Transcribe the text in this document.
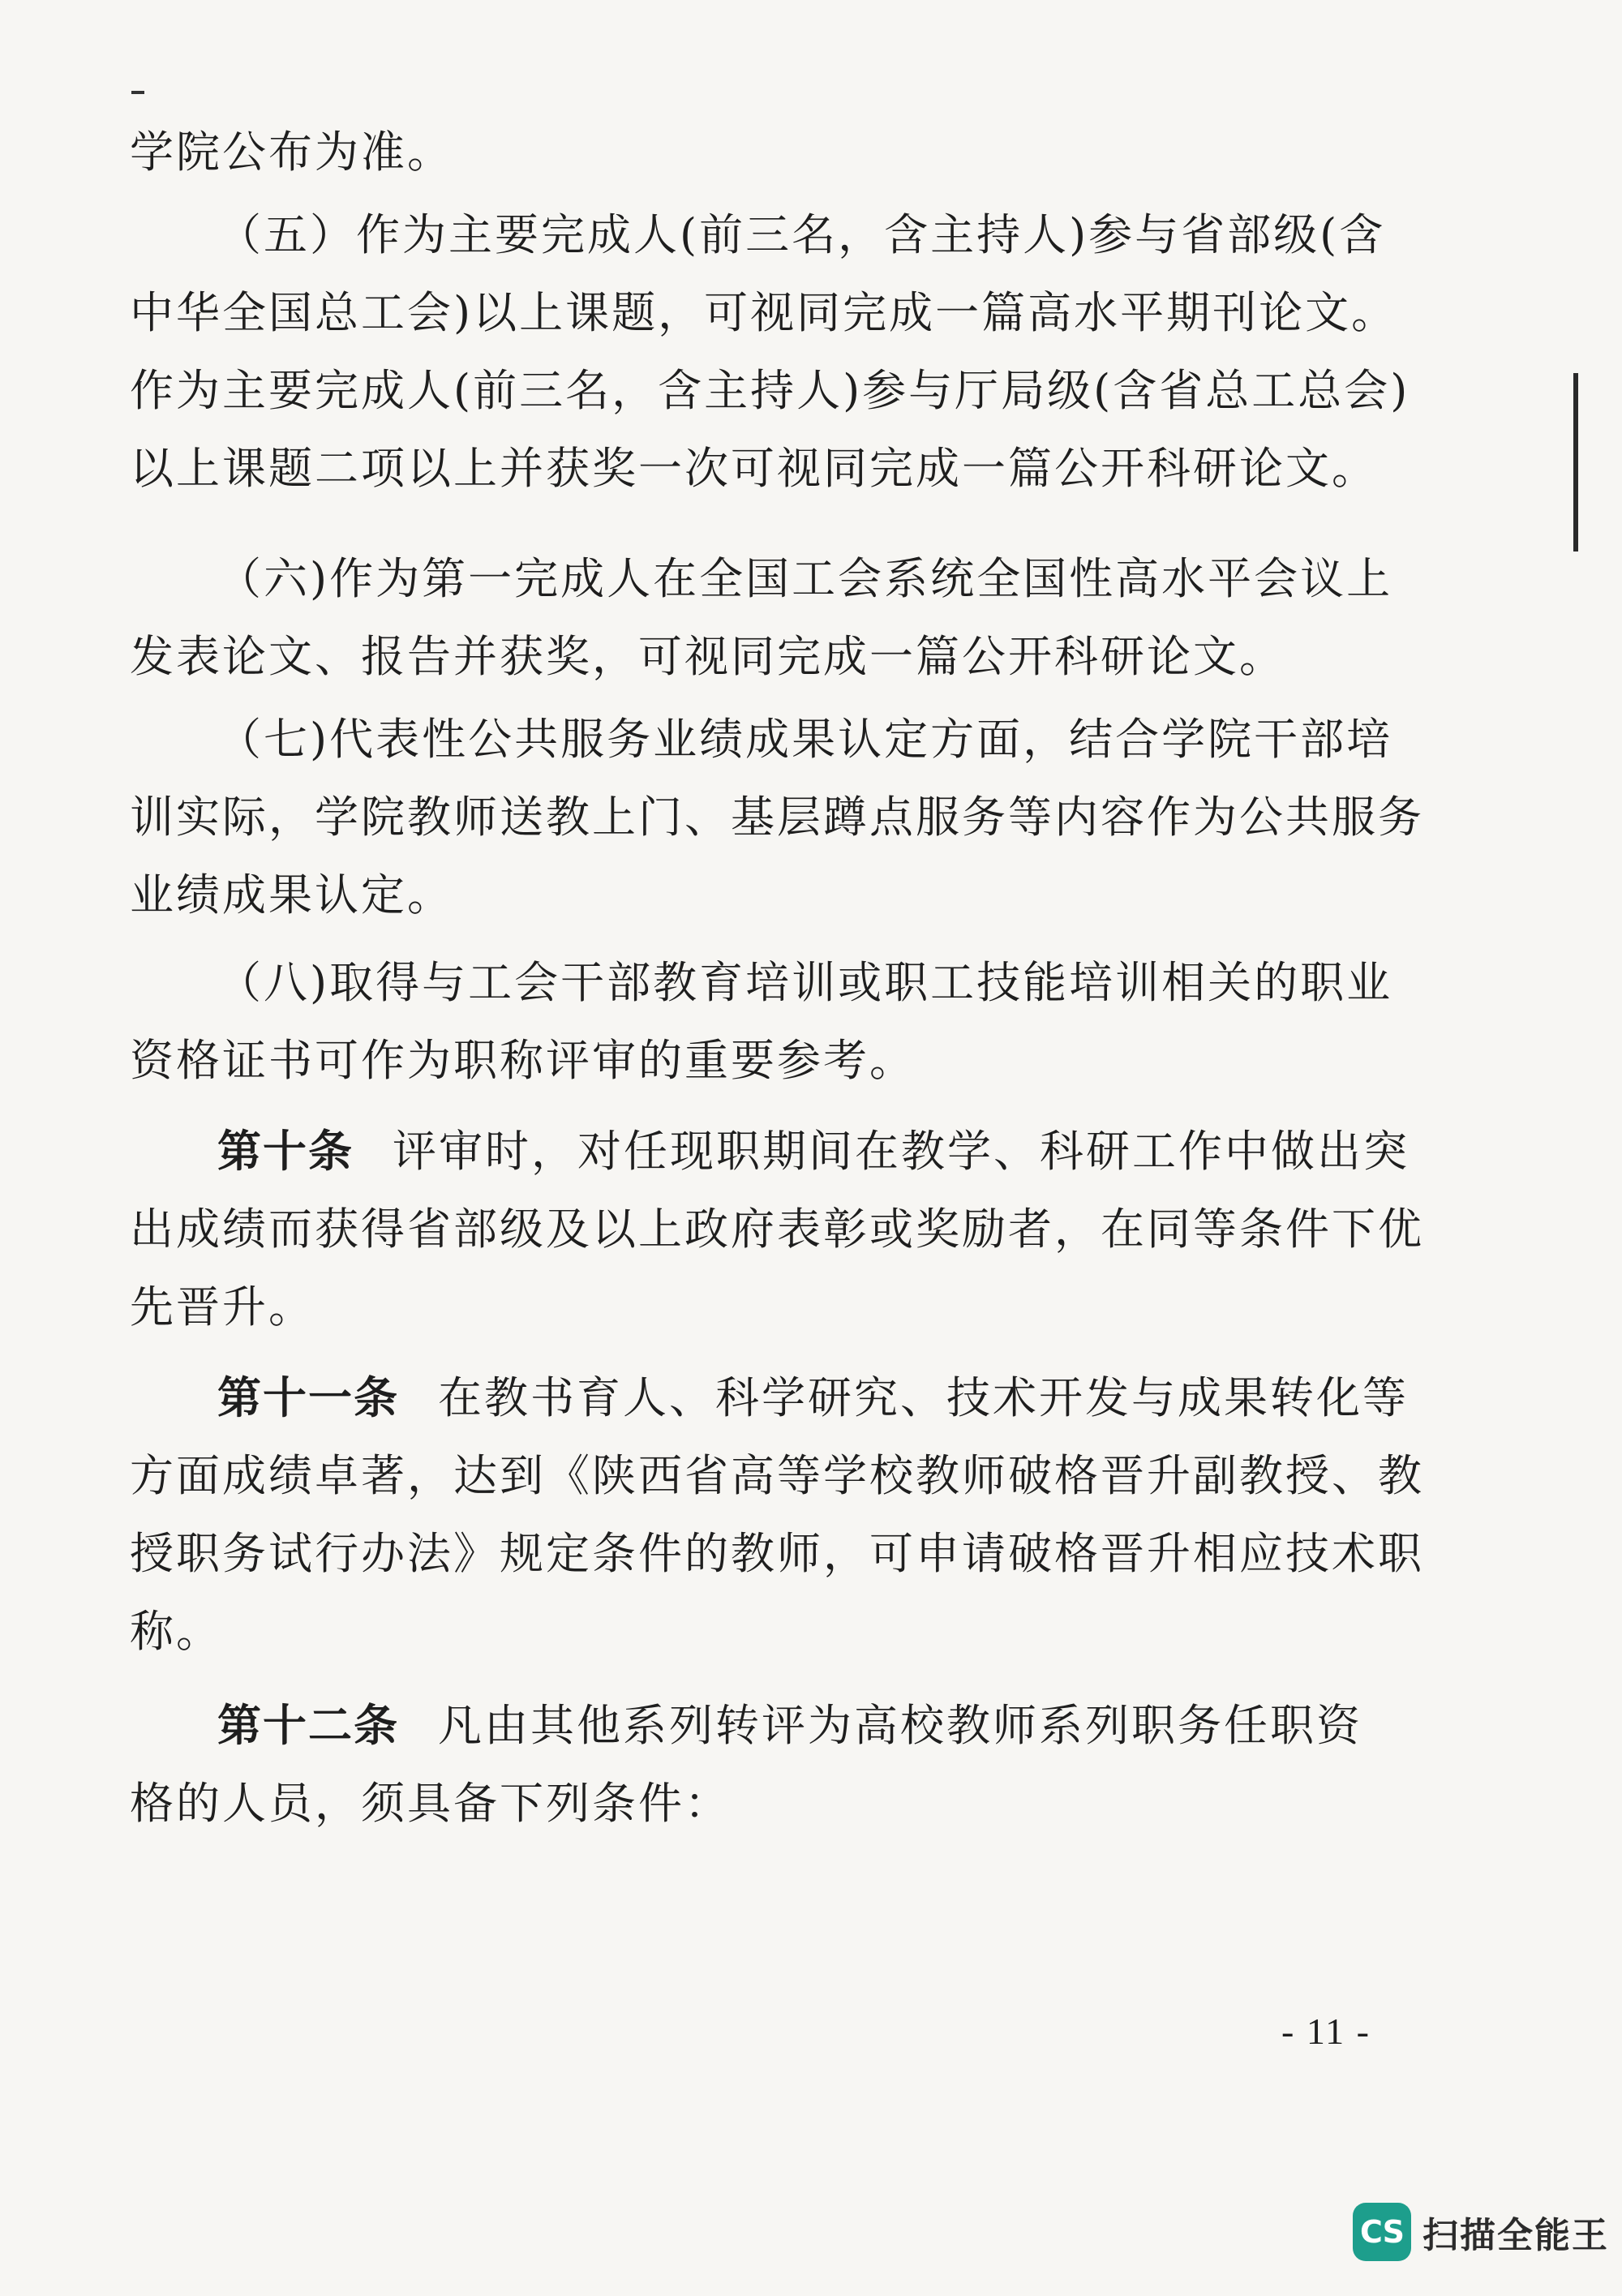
学院公布为准。

（五）作为主要完成人(前三名，含主持人)参与省部级(含
中华全国总工会)以上课题，可视同完成一篇高水平期刊论文。
作为主要完成人(前三名，含主持人)参与厅局级(含省总工总会)
以上课题二项以上并获奖一次可视同完成一篇公开科研论文。

（六)作为第一完成人在全国工会系统全国性高水平会议上
发表论文、报告并获奖，可视同完成一篇公开科研论文。

（七)代表性公共服务业绩成果认定方面，结合学院干部培
训实际，学院教师送教上门、基层蹲点服务等内容作为公共服务
业绩成果认定。

（八)取得与工会干部教育培训或职工技能培训相关的职业
资格证书可作为职称评审的重要参考。

第十条 评审时，对任现职期间在教学、科研工作中做出突
出成绩而获得省部级及以上政府表彰或奖励者，在同等条件下优
先晋升。

第十一条 在教书育人、科学研究、技术开发与成果转化等
方面成绩卓著，达到《陕西省高等学校教师破格晋升副教授、教
授职务试行办法》规定条件的教师，可申请破格晋升相应技术职
称。

第十二条 凡由其他系列转评为高校教师系列职务任职资
格的人员，须具备下列条件：

- 11 -
CS 扫描全能王
